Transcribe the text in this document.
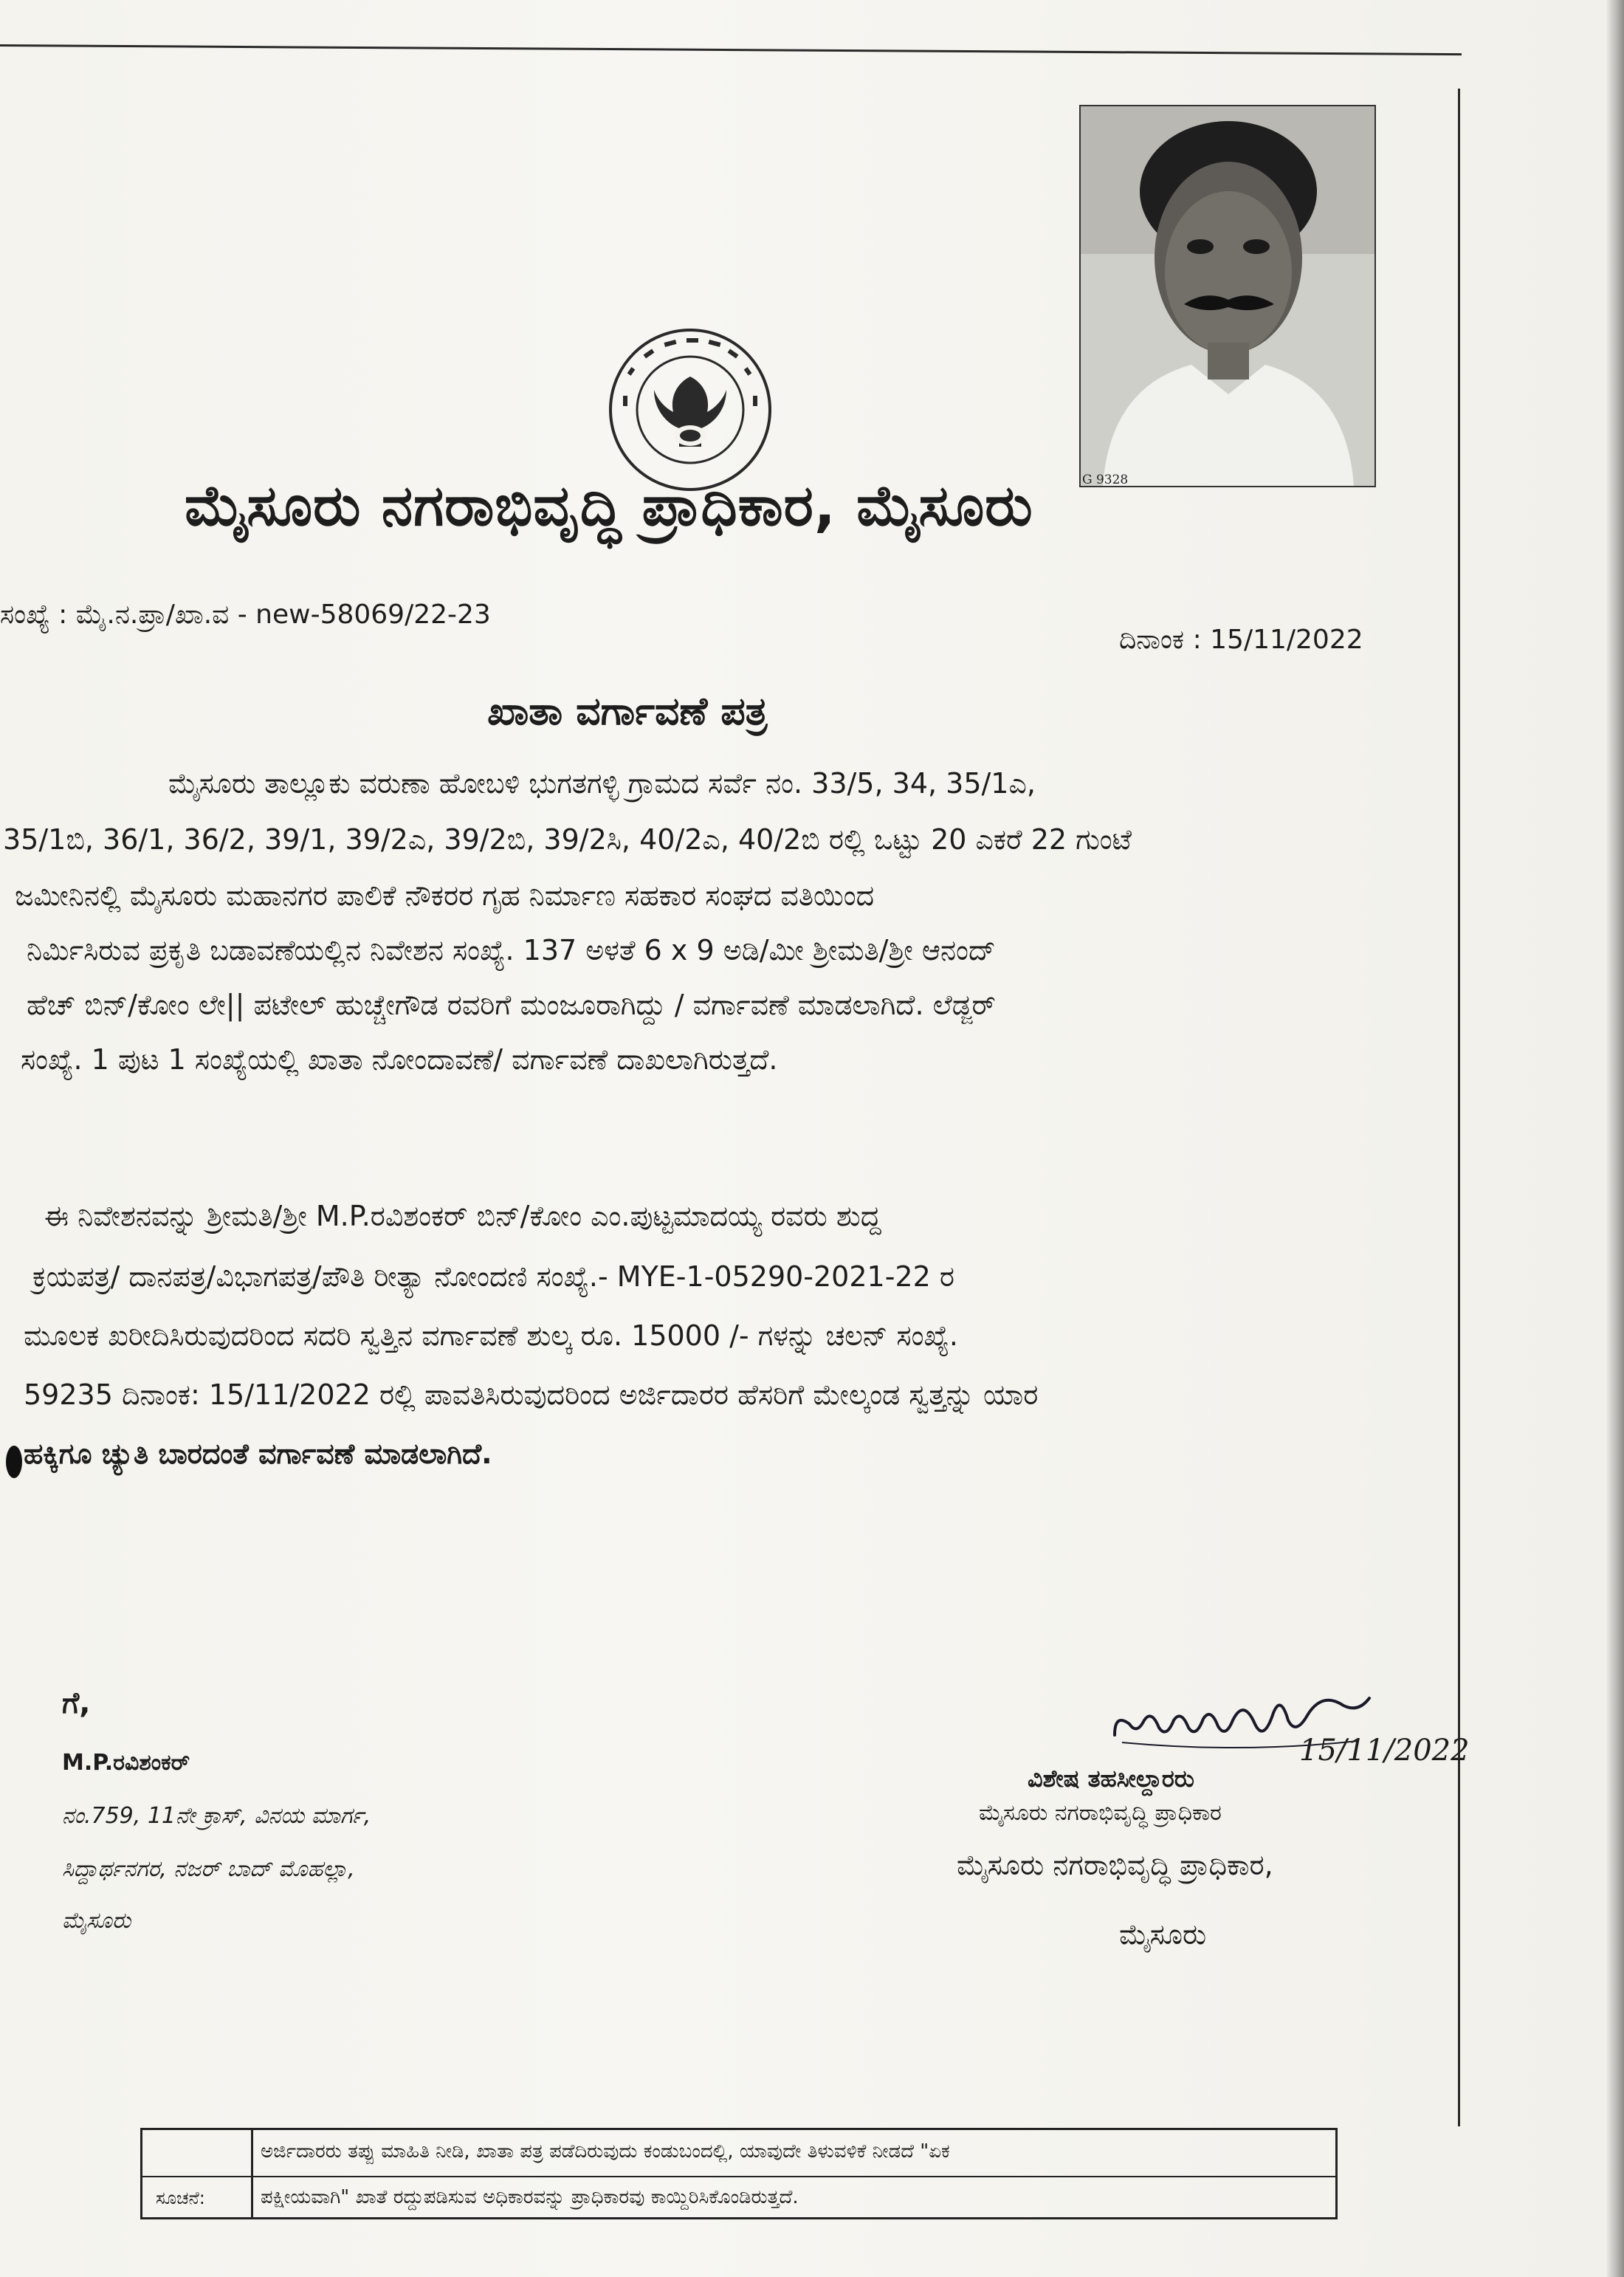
G 9328
ಮೈಸೂರು ನಗರಾಭಿವೃದ್ಧಿ ಪ್ರಾಧಿಕಾರ, ಮೈಸೂರು
ಸಂಖ್ಯೆ : ಮೈ.ನ.ಪ್ರಾ/ಖಾ.ವ - new-58069/22-23
ದಿನಾಂಕ : 15/11/2022
ಖಾತಾ ವರ್ಗಾವಣೆ ಪತ್ರ
ಮೈಸೂರು ತಾಲ್ಲೂಕು ವರುಣಾ ಹೋಬಳಿ ಭುಗತಗಳ್ಳಿ ಗ್ರಾಮದ ಸರ್ವೆ ನಂ. 33/5, 34, 35/1ಎ,
35/1ಬಿ, 36/1, 36/2, 39/1, 39/2ಎ, 39/2ಬಿ, 39/2ಸಿ, 40/2ಎ, 40/2ಬಿ ರಲ್ಲಿ ಒಟ್ಟು 20 ಎಕರೆ 22 ಗುಂಟೆ
ಜಮೀನಿನಲ್ಲಿ ಮೈಸೂರು ಮಹಾನಗರ ಪಾಲಿಕೆ ನೌಕರರ ಗೃಹ ನಿರ್ಮಾಣ ಸಹಕಾರ ಸಂಘದ ವತಿಯಿಂದ
ನಿರ್ಮಿಸಿರುವ ಪ್ರಕೃತಿ ಬಡಾವಣೆಯಲ್ಲಿನ ನಿವೇಶನ ಸಂಖ್ಯೆ. 137 ಅಳತೆ 6 x 9 ಅಡಿ/ಮೀ ಶ್ರೀಮತಿ/ಶ್ರೀ ಆನಂದ್
ಹೆಚ್ ಬಿನ್/ಕೋಂ ಲೇ|| ಪಟೇಲ್ ಹುಚ್ಚೇಗೌಡ ರವರಿಗೆ ಮಂಜೂರಾಗಿದ್ದು / ವರ್ಗಾವಣೆ ಮಾಡಲಾಗಿದೆ. ಲೆಡ್ಜರ್
ಸಂಖ್ಯೆ. 1 ಪುಟ 1 ಸಂಖ್ಯೆಯಲ್ಲಿ ಖಾತಾ ನೋಂದಾವಣೆ/ ವರ್ಗಾವಣೆ ದಾಖಲಾಗಿರುತ್ತದೆ.
ಈ ನಿವೇಶನವನ್ನು ಶ್ರೀಮತಿ/ಶ್ರೀ M.P.ರವಿಶಂಕರ್ ಬಿನ್/ಕೋಂ ಎಂ.ಪುಟ್ಟಮಾದಯ್ಯ ರವರು ಶುದ್ದ
ಕ್ರಯಪತ್ರ/ ದಾನಪತ್ರ/ವಿಭಾಗಪತ್ರ/ಪೌತಿ ರೀತ್ಯಾ ನೋಂದಣಿ ಸಂಖ್ಯೆ.- MYE-1-05290-2021-22 ರ
ಮೂಲಕ ಖರೀದಿಸಿರುವುದರಿಂದ ಸದರಿ ಸ್ವತ್ತಿನ ವರ್ಗಾವಣೆ ಶುಲ್ಕ ರೂ. 15000 /- ಗಳನ್ನು ಚಲನ್ ಸಂಖ್ಯೆ.
59235 ದಿನಾಂಕ: 15/11/2022 ರಲ್ಲಿ ಪಾವತಿಸಿರುವುದರಿಂದ ಅರ್ಜಿದಾರರ ಹೆಸರಿಗೆ ಮೇಲ್ಕಂಡ ಸ್ವತ್ತನ್ನು ಯಾರ
ಹಕ್ಕಿಗೂ ಚ್ಯುತಿ ಬಾರದಂತೆ ವರ್ಗಾವಣೆ ಮಾಡಲಾಗಿದೆ.
ಗೆ,
M.P.ರವಿಶಂಕರ್
ನಂ.759, 11ನೇ ಕ್ರಾಸ್, ವಿನಯ ಮಾರ್ಗ,
ಸಿದ್ದಾರ್ಥನಗರ, ನಜರ್ ಬಾದ್ ಮೊಹಲ್ಲಾ,
ಮೈಸೂರು
15/11/2022
ವಿಶೇಷ ತಹಸೀಲ್ದಾರರು
ಮೈಸೂರು ನಗರಾಭಿವೃದ್ಧಿ ಪ್ರಾಧಿಕಾರ
ಮೈಸೂರು ನಗರಾಭಿವೃದ್ಧಿ ಪ್ರಾಧಿಕಾರ,
ಮೈಸೂರು
ಸೂಚನೆ:
ಅರ್ಜಿದಾರರು ತಪ್ಪು ಮಾಹಿತಿ ನೀಡಿ, ಖಾತಾ ಪತ್ರ ಪಡೆದಿರುವುದು ಕಂಡುಬಂದಲ್ಲಿ, ಯಾವುದೇ ತಿಳುವಳಿಕೆ ನೀಡದೆ "ಏಕ
ಪಕ್ಷೀಯವಾಗಿ" ಖಾತೆ ರದ್ದುಪಡಿಸುವ ಅಧಿಕಾರವನ್ನು ಪ್ರಾಧಿಕಾರವು ಕಾಯ್ದಿರಿಸಿಕೊಂಡಿರುತ್ತದೆ.
